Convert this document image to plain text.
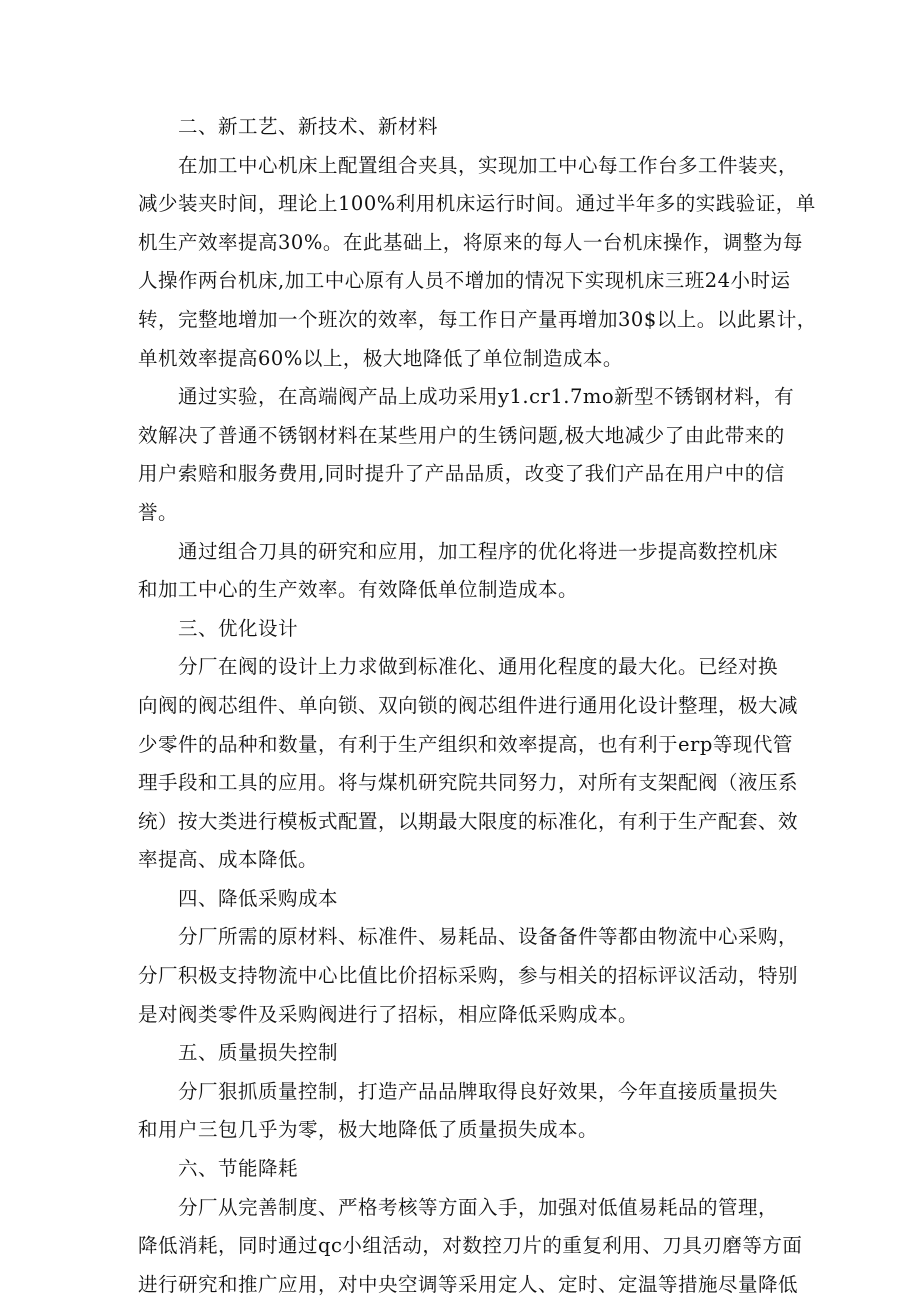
二、新工艺、新技术、新材料
在加工中心机床上配置组合夹具，实现加工中心每工作台多工件装夹，
减少装夹时间，理论上100%利用机床运行时间。通过半年多的实践验证，单
机生产效率提高30%。在此基础上，将原来的每人一台机床操作，调整为每
人操作两台机床,加工中心原有人员不增加的情况下实现机床三班24小时运
转，完整地增加一个班次的效率，每工作日产量再增加30$以上。以此累计，
单机效率提高60%以上，极大地降低了单位制造成本。
通过实验，在高端阀产品上成功采用y1.cr1.7mo新型不锈钢材料，有
效解决了普通不锈钢材料在某些用户的生锈问题,极大地减少了由此带来的
用户索赔和服务费用,同时提升了产品品质，改变了我们产品在用户中的信
誉。
通过组合刀具的研究和应用，加工程序的优化将进一步提高数控机床
和加工中心的生产效率。有效降低单位制造成本。
三、优化设计
分厂在阀的设计上力求做到标准化、通用化程度的最大化。已经对换
向阀的阀芯组件、单向锁、双向锁的阀芯组件进行通用化设计整理，极大减
少零件的品种和数量，有利于生产组织和效率提高，也有利于erp等现代管
理手段和工具的应用。将与煤机研究院共同努力，对所有支架配阀（液压系
统）按大类进行模板式配置，以期最大限度的标准化，有利于生产配套、效
率提高、成本降低。
四、降低采购成本
分厂所需的原材料、标准件、易耗品、设备备件等都由物流中心采购，
分厂积极支持物流中心比值比价招标采购，参与相关的招标评议活动，特别
是对阀类零件及采购阀进行了招标，相应降低采购成本。
五、质量损失控制
分厂狠抓质量控制，打造产品品牌取得良好效果，今年直接质量损失
和用户三包几乎为零，极大地降低了质量损失成本。
六、节能降耗
分厂从完善制度、严格考核等方面入手，加强对低值易耗品的管理，
降低消耗，同时通过qc小组活动，对数控刀片的重复利用、刀具刃磨等方面
进行研究和推广应用，对中央空调等采用定人、定时、定温等措施尽量降低
